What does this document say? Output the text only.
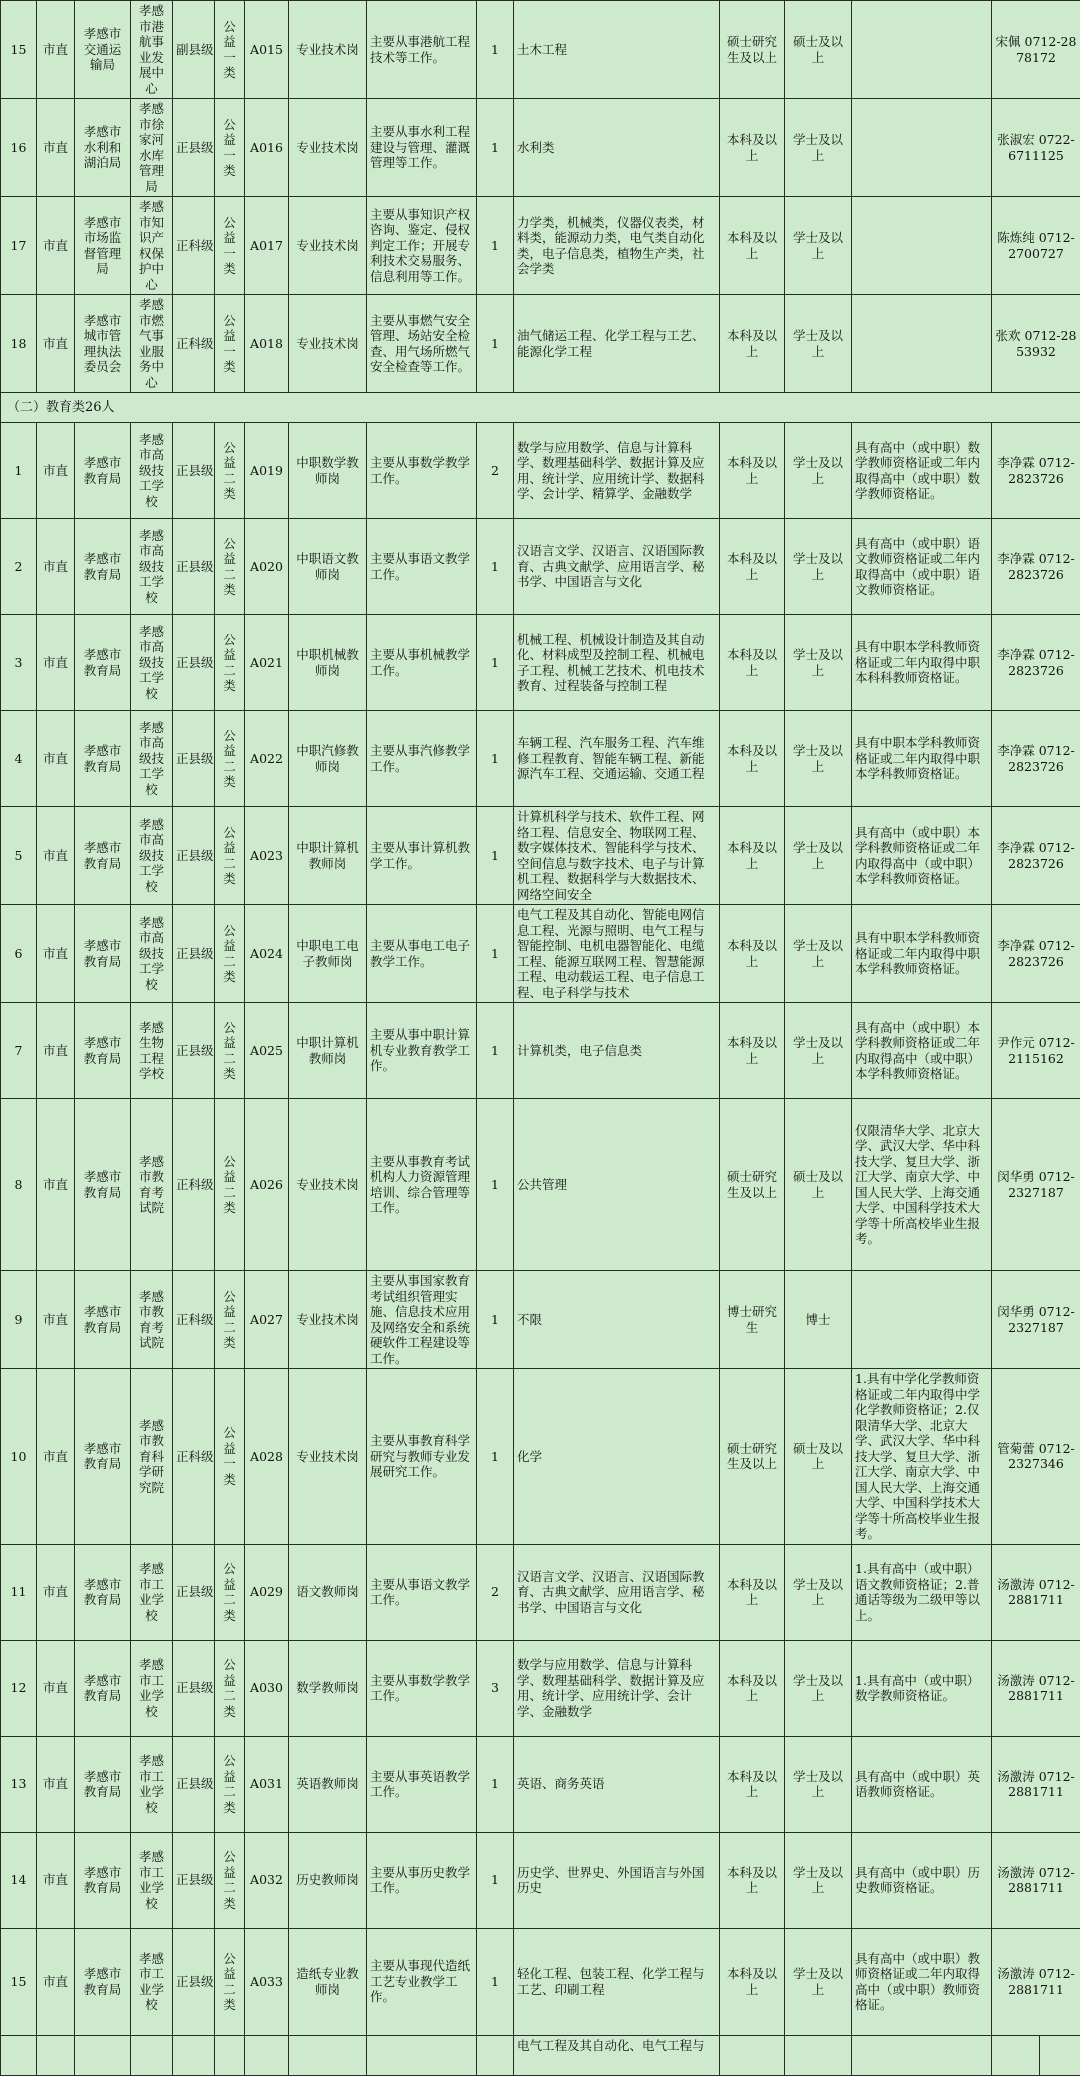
15	市直	孝感市交通运输局	孝感市港航事业发展中心	副县级	公益一类	A015	专业技术岗	主要从事港航工程技术等工作。	1	土木工程	硕士研究生及以上	硕士及以上		宋佩 0712-2878172	
16	市直	孝感市水利和湖泊局	孝感市徐家河水库管理局	正县级	公益一类	A016	专业技术岗	主要从事水利工程建设与管理、灌溉管理等工作。	1	水利类	本科及以上	学士及以上		张淑宏 0722-6711125	
17	市直	孝感市市场监督管理局	孝感市知识产权保护中心	正科级	公益一类	A017	专业技术岗	主要从事知识产权咨询、鉴定、侵权判定工作；开展专利技术交易服务、信息利用等工作。	1	力学类，机械类，仪器仪表类，材料类，能源动力类，电气类自动化类，电子信息类，植物生产类，社会学类	本科及以上	学士及以上		陈炼纯 0712-2700727	
18	市直	孝感市城市管理执法委员会	孝感市燃气事业服务中心	正科级	公益一类	A018	专业技术岗	主要从事燃气安全管理、场站安全检查、用气场所燃气安全检查等工作。	1	油气储运工程、化学工程与工艺、能源化学工程	本科及以上	学士及以上		张欢 0712-2853932	
（二）教育类26人															
1	市直	孝感市教育局	孝感市高级技工学校	正县级	公益二类	A019	中职数学教师岗	主要从事数学教学工作。	2	数学与应用数学、信息与计算科学、数理基础科学、数据计算及应用、统计学、应用统计学、数据科学、会计学、精算学、金融数学	本科及以上	学士及以上	具有高中（或中职）数学教师资格证或二年内取得高中（或中职）数学教师资格证。	李净霖 0712-2823726	
2	市直	孝感市教育局	孝感市高级技工学校	正县级	公益二类	A020	中职语文教师岗	主要从事语文教学工作。	1	汉语言文学、汉语言、汉语国际教育、古典文献学、应用语言学、秘书学、中国语言与文化	本科及以上	学士及以上	具有高中（或中职）语文教师资格证或二年内取得高中（或中职）语文教师资格证。	李净霖 0712-2823726	
3	市直	孝感市教育局	孝感市高级技工学校	正县级	公益二类	A021	中职机械教师岗	主要从事机械教学工作。	1	机械工程、机械设计制造及其自动化、材料成型及控制工程、机械电子工程、机械工艺技术、机电技术教育、过程装备与控制工程	本科及以上	学士及以上	具有中职本学科教师资格证或二年内取得中职本科科教师资格证。	李净霖 0712-2823726	
4	市直	孝感市教育局	孝感市高级技工学校	正县级	公益二类	A022	中职汽修教师岗	主要从事汽修教学工作。	1	车辆工程、汽车服务工程、汽车维修工程教育、智能车辆工程、新能源汽车工程、交通运输、交通工程	本科及以上	学士及以上	具有中职本学科教师资格证或二年内取得中职本学科教师资格证。	李净霖 0712-2823726	
5	市直	孝感市教育局	孝感市高级技工学校	正县级	公益二类	A023	中职计算机教师岗	主要从事计算机教学工作。	1	计算机科学与技术、软件工程、网络工程、信息安全、物联网工程、数字媒体技术、智能科学与技术、空间信息与数字技术、电子与计算机工程、数据科学与大数据技术、网络空间安全	本科及以上	学士及以上	具有高中（或中职）本学科教师资格证或二年内取得高中（或中职）本学科教师资格证。	李净霖 0712-2823726	
6	市直	孝感市教育局	孝感市高级技工学校	正县级	公益二类	A024	中职电工电子教师岗	主要从事电工电子教学工作。	1	电气工程及其自动化、智能电网信息工程、光源与照明、电气工程与智能控制、电机电器智能化、电缆工程、能源互联网工程、智慧能源工程、电动载运工程、电子信息工程、电子科学与技术	本科及以上	学士及以上	具有中职本学科教师资格证或二年内取得中职本学科教师资格证。	李净霖 0712-2823726	
7	市直	孝感市教育局	孝感生物工程学校	正县级	公益二类	A025	中职计算机教师岗	主要从事中职计算机专业教育教学工作。	1	计算机类，电子信息类	本科及以上	学士及以上	具有高中（或中职）本学科教师资格证或二年内取得高中（或中职）本学科教师资格证。	尹作元 0712-2115162	
8	市直	孝感市教育局	孝感市教育考试院	正科级	公益二类	A026	专业技术岗	主要从事教育考试机构人力资源管理培训、综合管理等工作。	1	公共管理	硕士研究生及以上	硕士及以上	仅限清华大学、北京大学、武汉大学、华中科技大学、复旦大学、浙江大学、南京大学、中国人民大学、上海交通大学、中国科学技术大学等十所高校毕业生报考。	闵华勇 0712-2327187	
9	市直	孝感市教育局	孝感市教育考试院	正科级	公益二类	A027	专业技术岗	主要从事国家教育考试组织管理实施、信息技术应用及网络安全和系统硬软件工程建设等工作。	1	不限	博士研究生	博士		闵华勇 0712-2327187	
10	市直	孝感市教育局	孝感市教育科学研究院	正科级	公益一类	A028	专业技术岗	主要从事教育科学研究与教师专业发展研究工作。	1	化学	硕士研究生及以上	硕士及以上	1.具有中学化学教师资格证或二年内取得中学化学教师资格证；2.仅限清华大学、北京大学、武汉大学、华中科技大学、复旦大学、浙江大学、南京大学、中国人民大学、上海交通大学、中国科学技术大学等十所高校毕业生报考。	管菊蕾 0712-2327346	
11	市直	孝感市教育局	孝感市工业学校	正县级	公益二类	A029	语文教师岗	主要从事语文教学工作。	2	汉语言文学、汉语言、汉语国际教育、古典文献学、应用语言学、秘书学、中国语言与文化	本科及以上	学士及以上	1.具有高中（或中职）语文教师资格证；2.普通话等级为二级甲等以上。	汤激涛 0712-2881711	
12	市直	孝感市教育局	孝感市工业学校	正县级	公益二类	A030	数学教师岗	主要从事数学教学工作。	3	数学与应用数学、信息与计算科学、数理基础科学、数据计算及应用、统计学、应用统计学、会计学、金融数学	本科及以上	学士及以上	1.具有高中（或中职）数学教师资格证。	汤激涛 0712-2881711	
13	市直	孝感市教育局	孝感市工业学校	正县级	公益二类	A031	英语教师岗	主要从事英语教学工作。	1	英语、商务英语	本科及以上	学士及以上	具有高中（或中职）英语教师资格证。	汤激涛 0712-2881711	
14	市直	孝感市教育局	孝感市工业学校	正县级	公益二类	A032	历史教师岗	主要从事历史教学工作。	1	历史学、世界史、外国语言与外国历史	本科及以上	学士及以上	具有高中（或中职）历史教师资格证。	汤激涛 0712-2881711	
15	市直	孝感市教育局	孝感市工业学校	正县级	公益二类	A033	造纸专业教师岗	主要从事现代造纸工艺专业教学工作。	1	轻化工程、包装工程、化学工程与工艺、印刷工程	本科及以上	学士及以上	具有高中（或中职）教师资格证或二年内取得高中（或中职）教师资格证。	汤激涛 0712-2881711	
										电气工程及其自动化、电气工程与					
